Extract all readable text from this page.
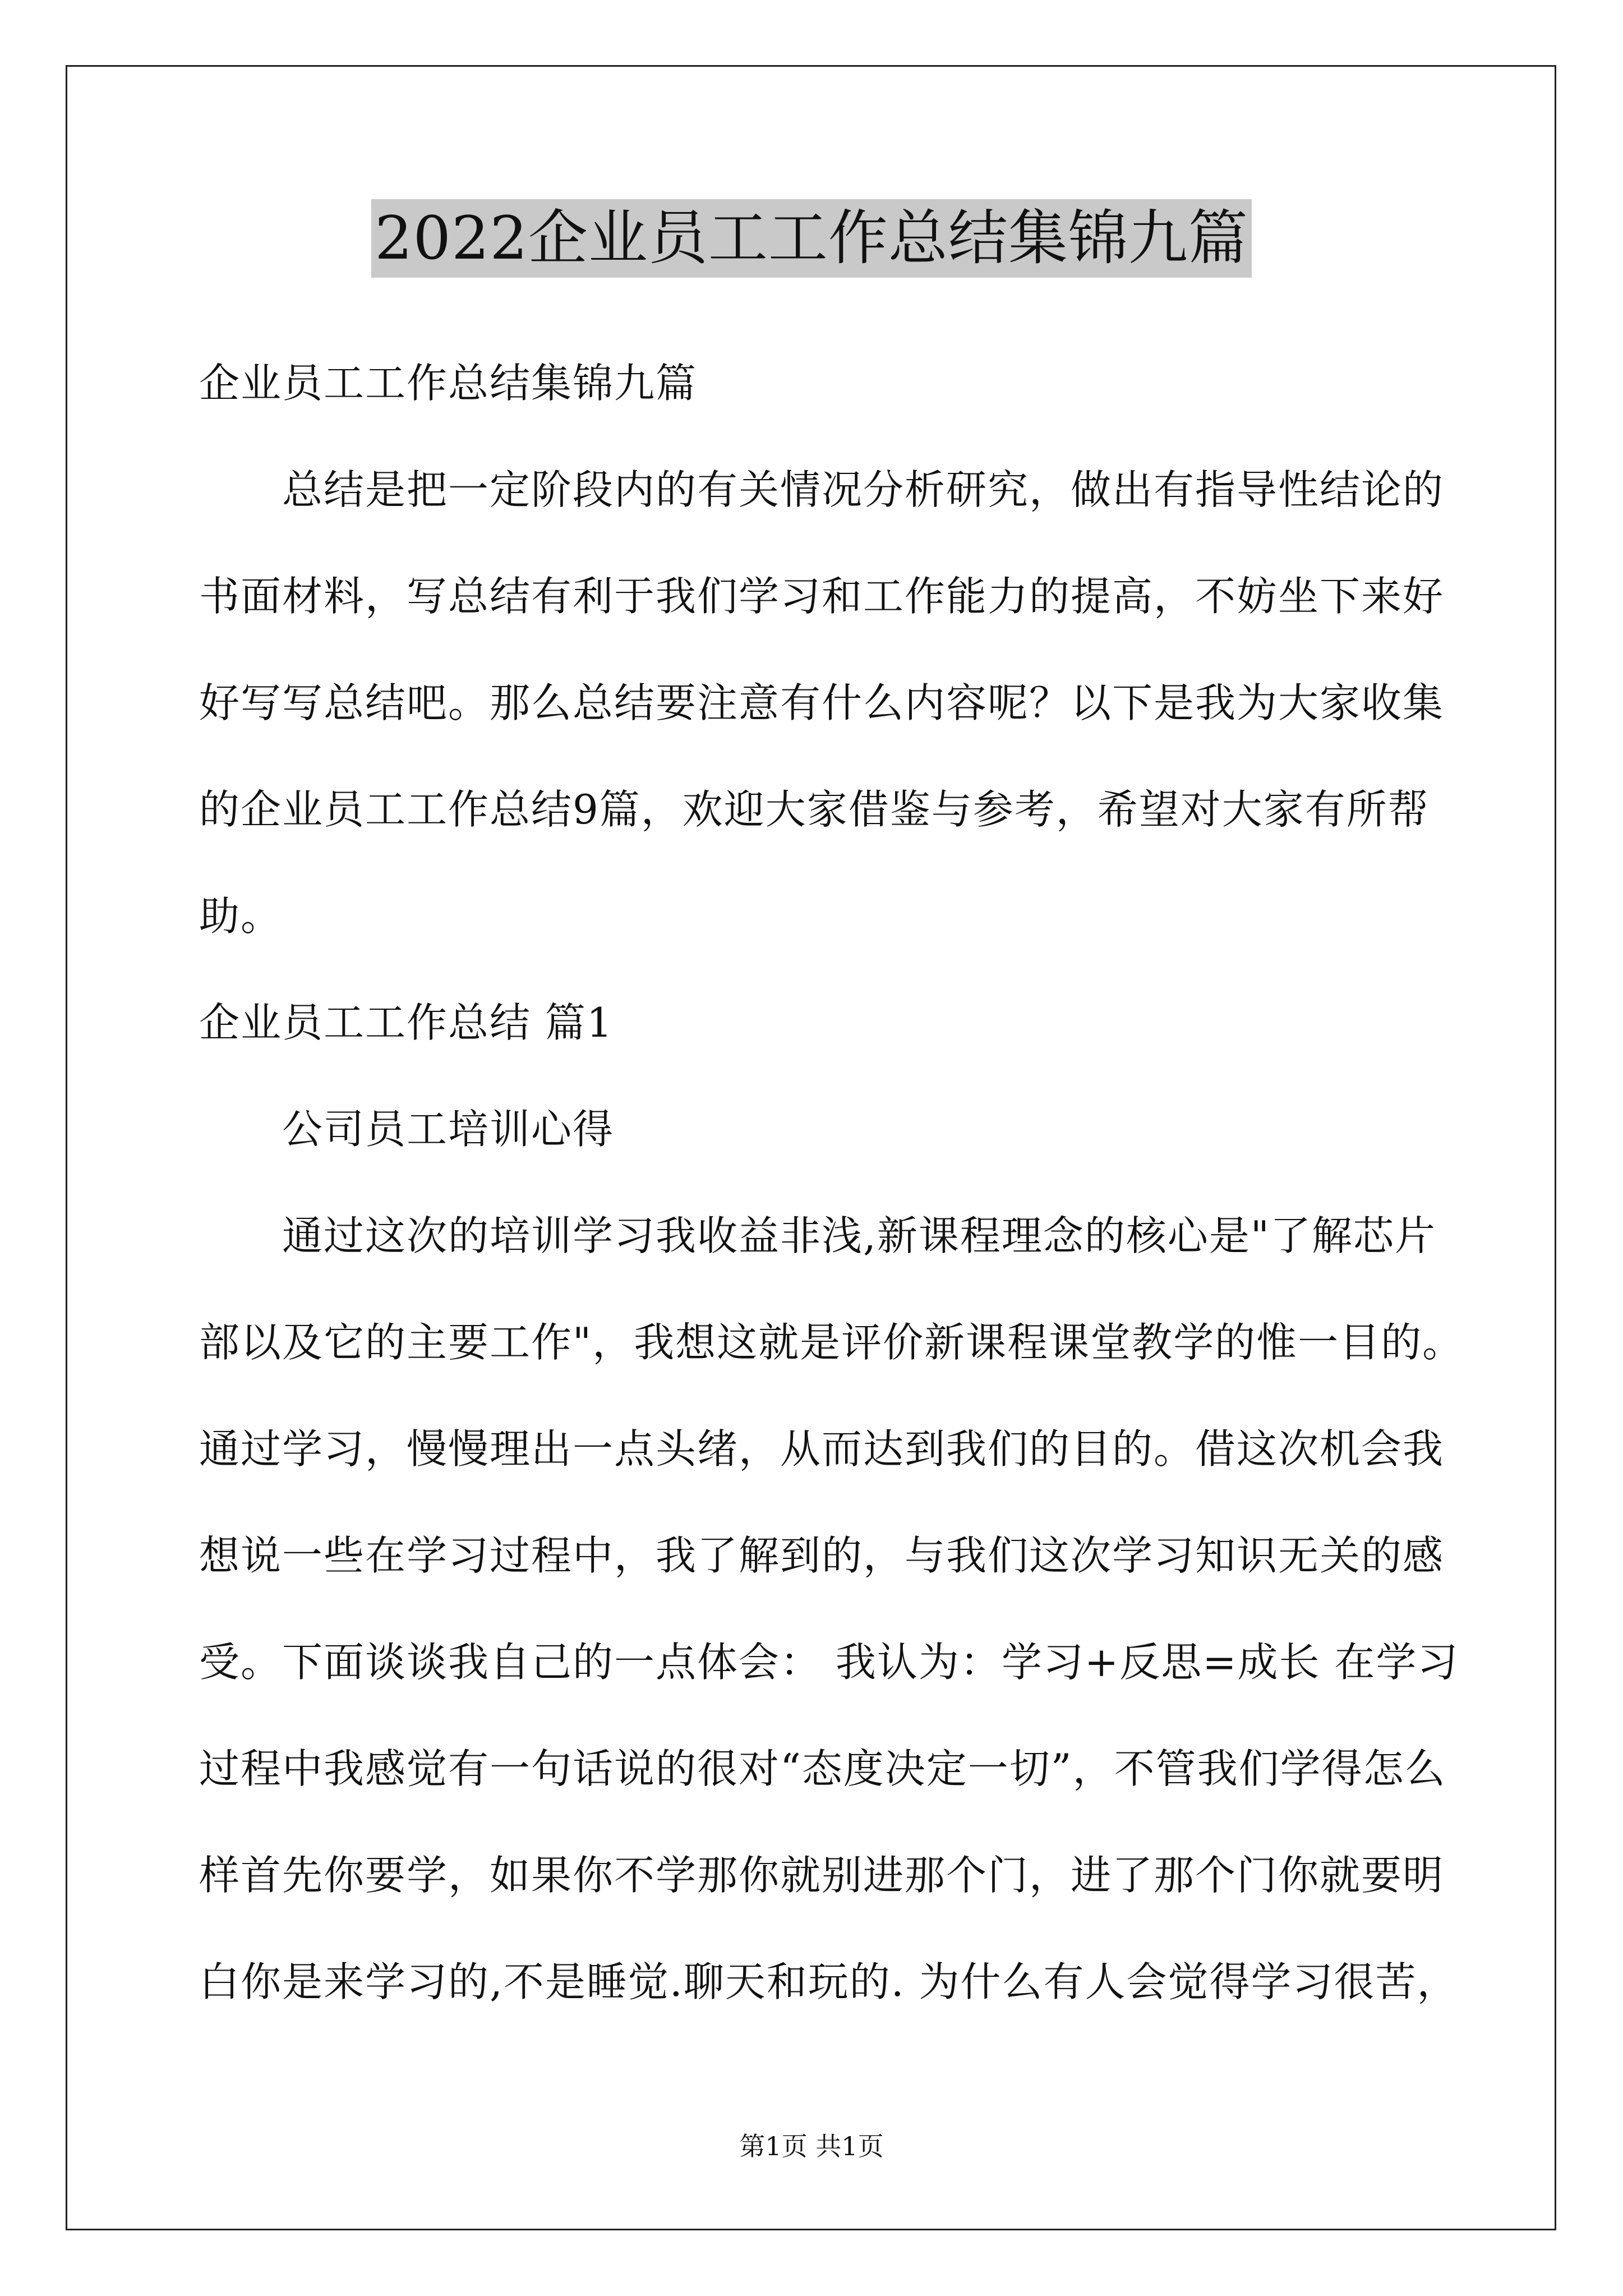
2022企业员工工作总结集锦九篇
企业员工工作总结集锦九篇
　　总结是把一定阶段内的有关情况分析研究，做出有指导性结论的
书面材料，写总结有利于我们学习和工作能力的提高，不妨坐下来好
好写写总结吧。那么总结要注意有什么内容呢？以下是我为大家收集
的企业员工工作总结9篇，欢迎大家借鉴与参考，希望对大家有所帮
助。
企业员工工作总结 篇1
　　公司员工培训心得
　　通过这次的培训学习我收益非浅,新课程理念的核心是"了解芯片
部以及它的主要工作"，我想这就是评价新课程课堂教学的惟一目的。
通过学习，慢慢理出一点头绪，从而达到我们的目的。借这次机会我
想说一些在学习过程中，我了解到的，与我们这次学习知识无关的感
受。下面谈谈我自己的一点体会： 我认为：学习+反思=成长 在学习
过程中我感觉有一句话说的很对“态度决定一切”，不管我们学得怎么
样首先你要学，如果你不学那你就别进那个门，进了那个门你就要明
白你是来学习的,不是睡觉.聊天和玩的. 为什么有人会觉得学习很苦，
第1页 共1页
